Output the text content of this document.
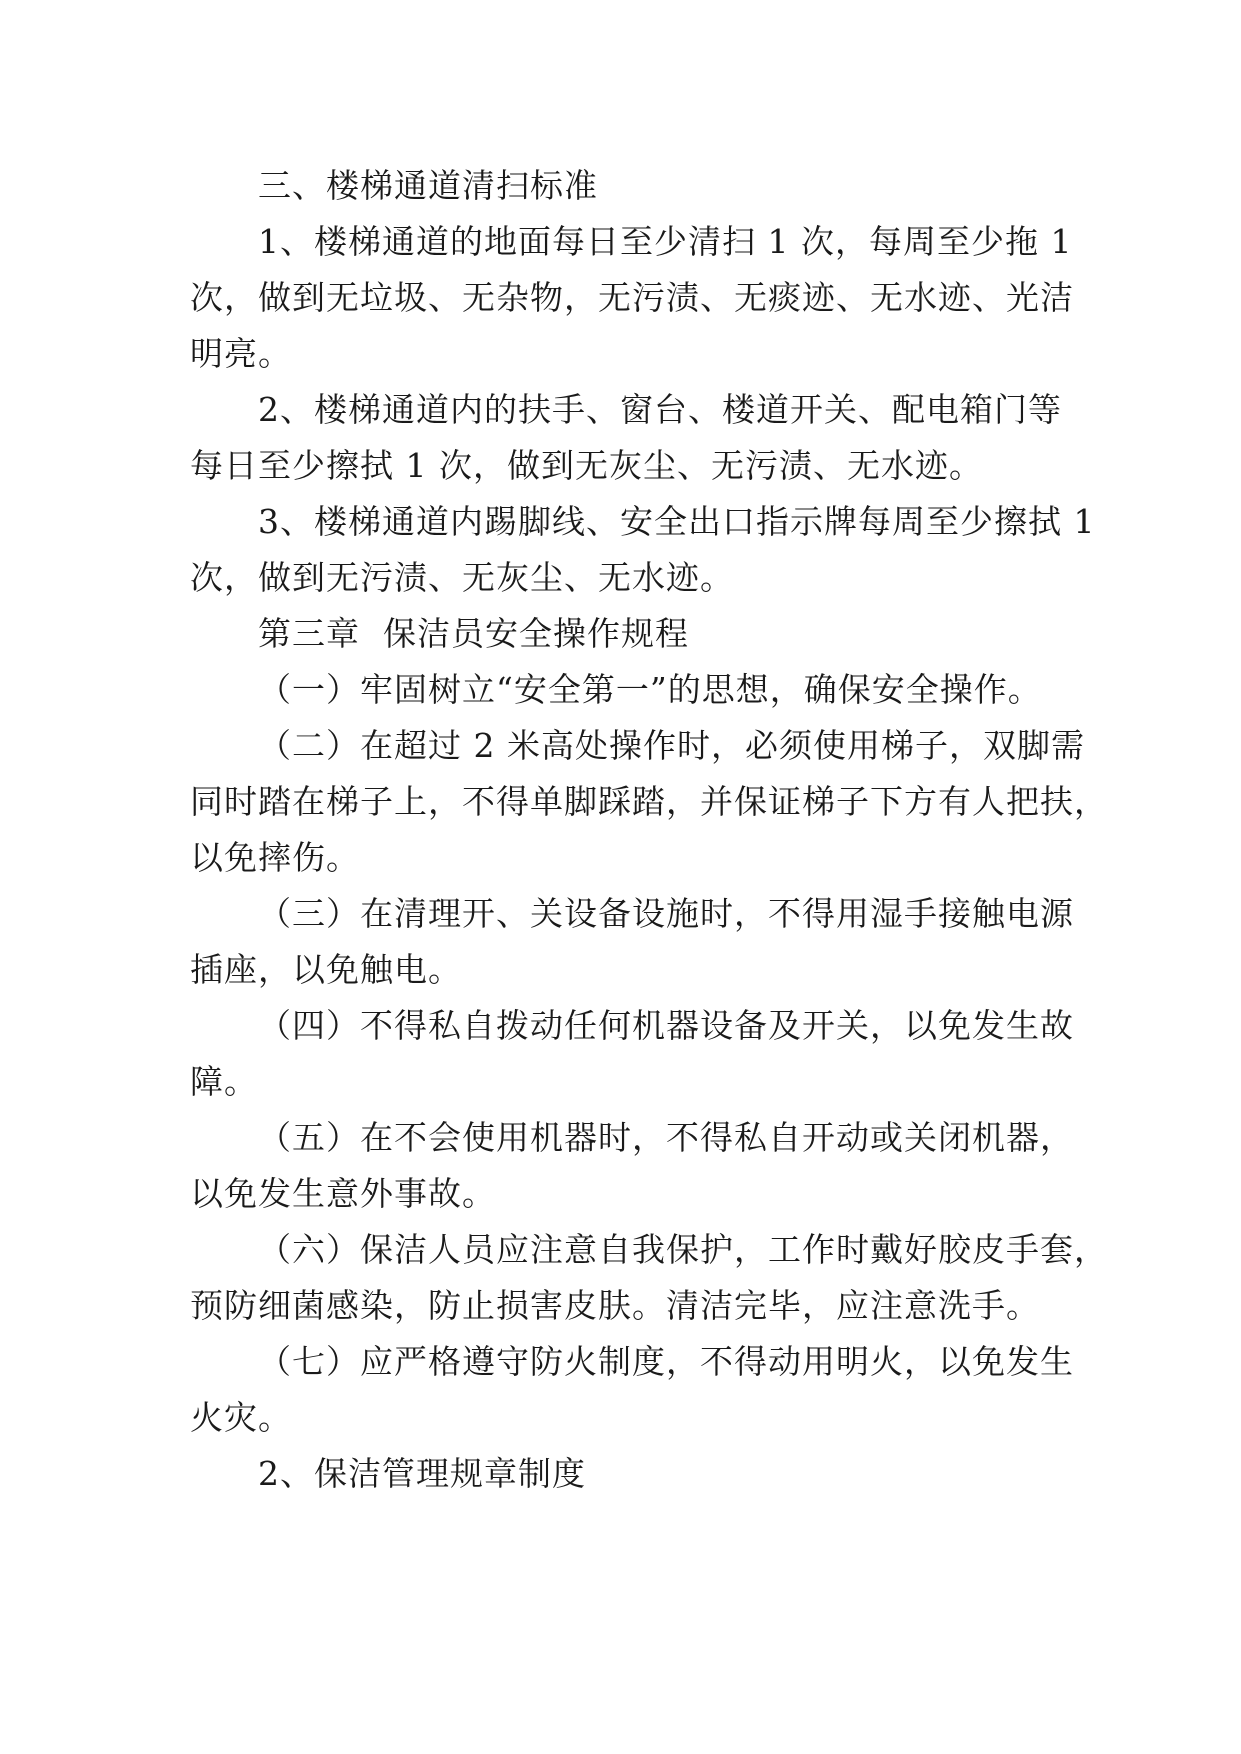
三、楼梯通道清扫标准
1、楼梯通道的地面每日至少清扫 1 次，每周至少拖 1
次，做到无垃圾、无杂物，无污渍、无痰迹、无水迹、光洁
明亮。
2、楼梯通道内的扶手、窗台、楼道开关、配电箱门等
每日至少擦拭 1 次，做到无灰尘、无污渍、无水迹。
3、楼梯通道内踢脚线、安全出口指示牌每周至少擦拭 1
次，做到无污渍、无灰尘、无水迹。
第三章  保洁员安全操作规程
（一）牢固树立“安全第一”的思想，确保安全操作。
（二）在超过 2 米高处操作时，必须使用梯子，双脚需
同时踏在梯子上，不得单脚踩踏，并保证梯子下方有人把扶，
以免摔伤。
（三）在清理开、关设备设施时，不得用湿手接触电源
插座，以免触电。
（四）不得私自拨动任何机器设备及开关，以免发生故
障。
（五）在不会使用机器时，不得私自开动或关闭机器，
以免发生意外事故。
（六）保洁人员应注意自我保护，工作时戴好胶皮手套，
预防细菌感染，防止损害皮肤。清洁完毕，应注意洗手。
（七）应严格遵守防火制度，不得动用明火，以免发生
火灾。
2、保洁管理规章制度
